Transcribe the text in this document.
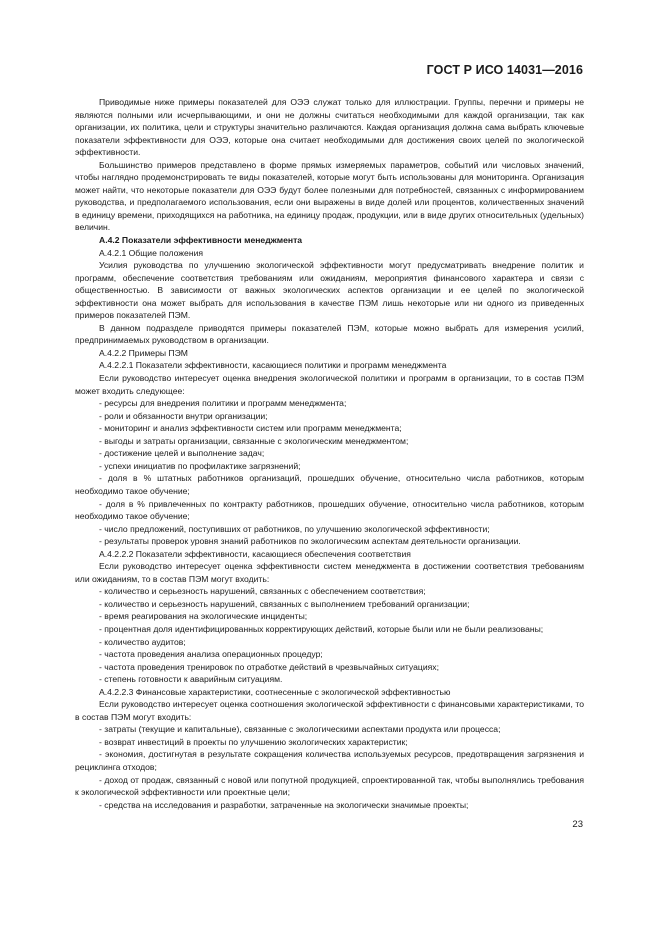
ГОСТ Р ИСО 14031—2016

Приводимые ниже примеры показателей для ОЭЭ служат только для иллюстрации. Группы, перечни и примеры не являются полными или исчерпывающими, и они не должны считаться необходимыми для каждой организации, так как организации, их политика, цели и структуры значительно различаются. Каждая организация должна сама выбрать ключевые показатели эффективности для ОЭЭ, которые она считает необходимыми для достижения своих целей по экологической эффективности.

Большинство примеров представлено в форме прямых измеряемых параметров, событий или числовых значений, чтобы наглядно продемонстрировать те виды показателей, которые могут быть использованы для мониторинга. Организация может найти, что некоторые показатели для ОЭЭ будут более полезными для потребностей, связанных с информированием руководства, и предполагаемого использования, если они выражены в виде долей или процентов, количественных значений в единицу времени, приходящихся на работника, на единицу продаж, продукции, или в виде других относительных (удельных) величин.

А.4.2 Показатели эффективности менеджмента

А.4.2.1 Общие положения

Усилия руководства по улучшению экологической эффективности могут предусматривать внедрение политик и программ, обеспечение соответствия требованиям или ожиданиям, мероприятия финансового характера и связи с общественностью. В зависимости от важных экологических аспектов организации и ее целей по экологической эффективности она может выбрать для использования в качестве ПЭМ лишь некоторые или ни одного из приведенных примеров показателей ПЭМ.

В данном подразделе приводятся примеры показателей ПЭМ, которые можно выбрать для измерения усилий, предпринимаемых руководством в организации.

А.4.2.2 Примеры ПЭМ

А.4.2.2.1 Показатели эффективности, касающиеся политики и программ менеджмента

Если руководство интересует оценка внедрения экологической политики и программ в организации, то в состав ПЭМ может входить следующее:

- ресурсы для внедрения политики и программ менеджмента;

- роли и обязанности внутри организации;

- мониторинг и анализ эффективности систем или программ менеджмента;

- выгоды и затраты организации, связанные с экологическим менеджментом;

- достижение целей и выполнение задач;

- успехи инициатив по профилактике загрязнений;

- доля в % штатных работников организаций, прошедших обучение, относительно числа работников, которым необходимо такое обучение;

- доля в % привлеченных по контракту работников, прошедших обучение, относительно числа работников, которым необходимо такое обучение;

- число предложений, поступивших от работников, по улучшению экологической эффективности;

- результаты проверок уровня знаний работников по экологическим аспектам деятельности организации.

А.4.2.2.2 Показатели эффективности, касающиеся обеспечения соответствия

Если руководство интересует оценка эффективности систем менеджмента в достижении соответствия требованиям или ожиданиям, то в состав ПЭМ могут входить:

- количество и серьезность нарушений, связанных с обеспечением соответствия;

- количество и серьезность нарушений, связанных с выполнением требований организации;

- время реагирования на экологические инциденты;

- процентная доля идентифицированных корректирующих действий, которые были или не были реализованы;

- количество аудитов;

- частота проведения анализа операционных процедур;

- частота проведения тренировок по отработке действий в чрезвычайных ситуациях;

- степень готовности к аварийным ситуациям.

А.4.2.2.3 Финансовые характеристики, соотнесенные с экологической эффективностью

Если руководство интересует оценка соотношения экологической эффективности с финансовыми характеристиками, то в состав ПЭМ могут входить:

- затраты (текущие и капитальные), связанные с экологическими аспектами продукта или процесса;

- возврат инвестиций в проекты по улучшению экологических характеристик;

- экономия, достигнутая в результате сокращения количества используемых ресурсов, предотвращения загрязнения и рециклинга отходов;

- доход от продаж, связанный с новой или попутной продукцией, спроектированной так, чтобы выполнялись требования к экологической эффективности или проектные цели;

- средства на исследования и разработки, затраченные на экологически значимые проекты;

23
